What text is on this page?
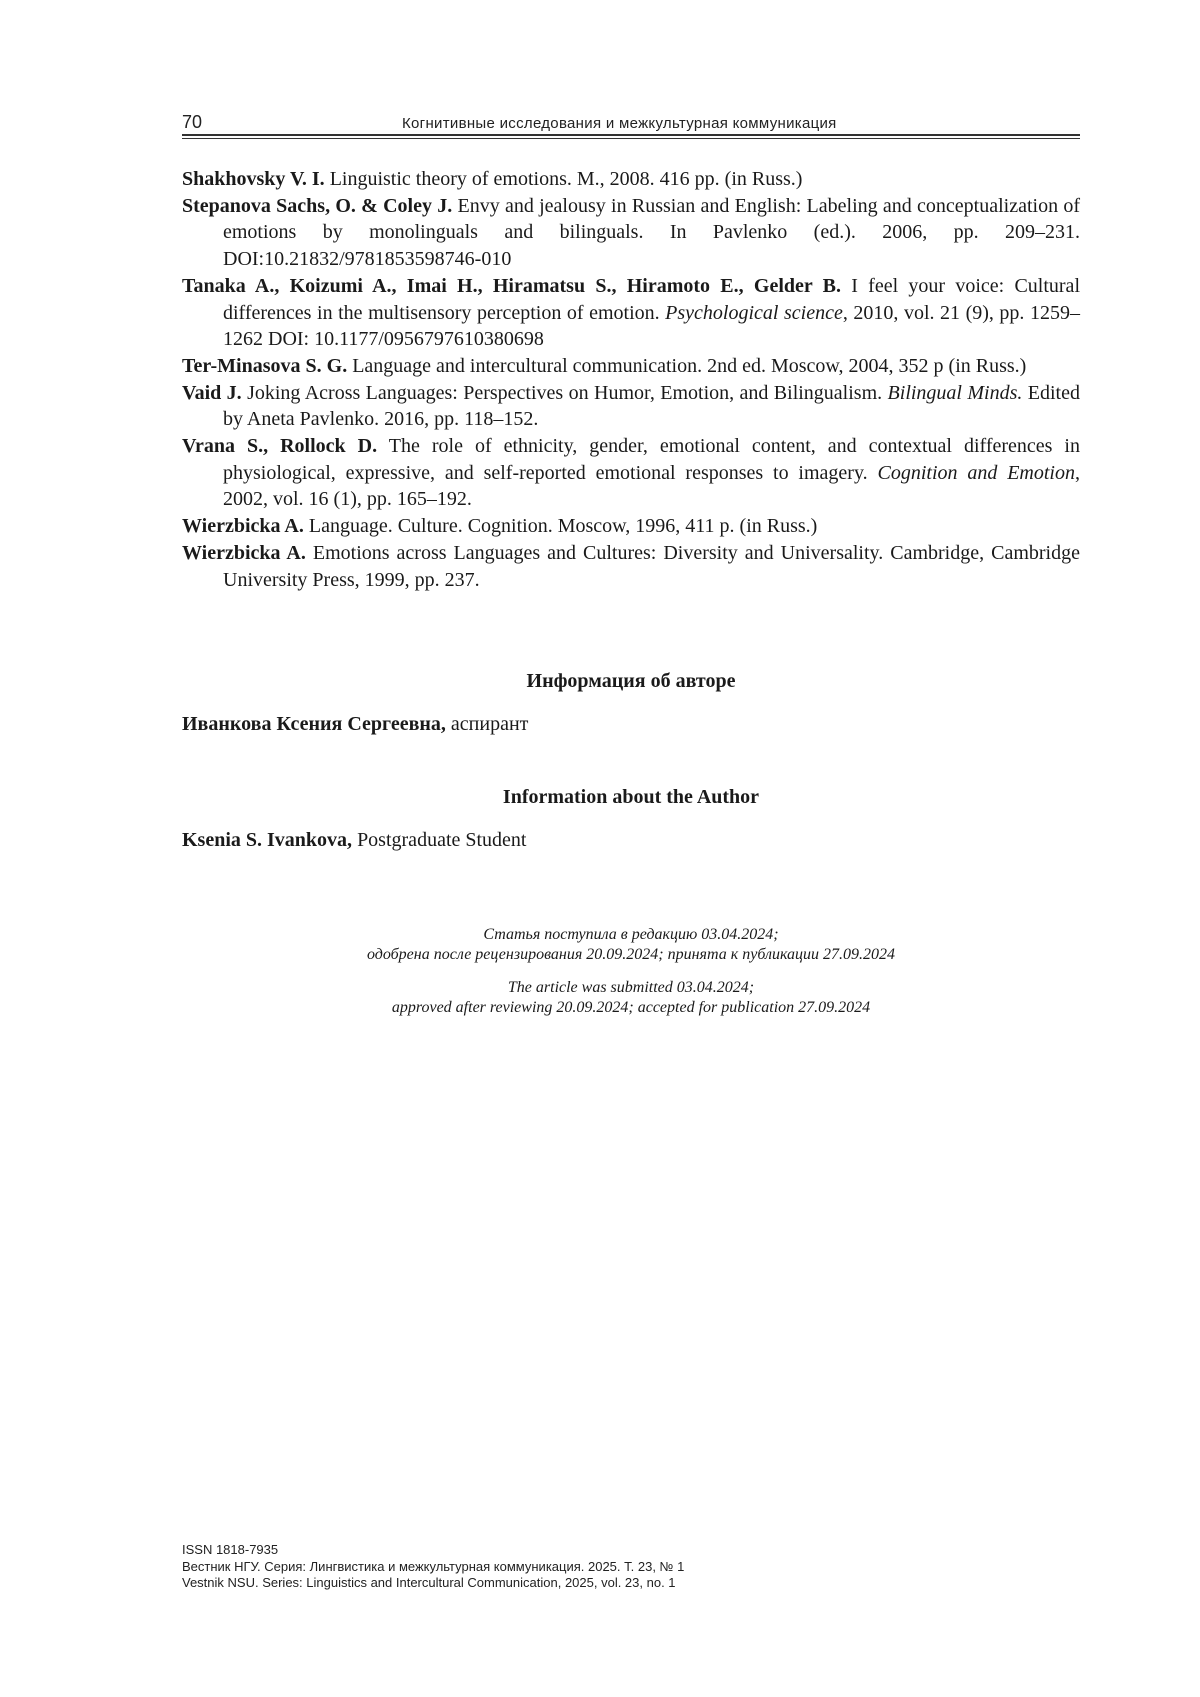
70	Когнитивные исследования и межкультурная коммуникация

Shakhovsky V. I. Linguistic theory of emotions. M., 2008. 416 pp. (in Russ.)

Stepanova Sachs, O. & Coley J. Envy and jealousy in Russian and English: Labeling and conceptualization of emotions by monolinguals and bilinguals. In Pavlenko (ed.). 2006, pp. 209–231. DOI:10.21832/9781853598746-010

Tanaka A., Koizumi A., Imai H., Hiramatsu S., Hiramoto E., Gelder B. I feel your voice: Cultural differences in the multisensory perception of emotion. Psychological science, 2010, vol. 21 (9), pp. 1259–1262 DOI: 10.1177/0956797610380698

Ter-Minasova S. G. Language and intercultural communication. 2nd ed. Moscow, 2004, 352 p (in Russ.)

Vaid J. Joking Across Languages: Perspectives on Humor, Emotion, and Bilingualism. Bilingual Minds. Edited by Aneta Pavlenko. 2016, pp. 118–152.

Vrana S., Rollock D. The role of ethnicity, gender, emotional content, and contextual differences in physiological, expressive, and self-reported emotional responses to imagery. Cognition and Emotion, 2002, vol. 16 (1), pp. 165–192.

Wierzbicka A. Language. Culture. Cognition. Moscow, 1996, 411 p. (in Russ.)

Wierzbicka A. Emotions across Languages and Cultures: Diversity and Universality. Cambridge, Cambridge University Press, 1999, pp. 237.

Информация об авторе
Иванкова Ксения Сергеевна, аспирант
Information about the Author
Ksenia S. Ivankova, Postgraduate Student
Статья поступила в редакцию 03.04.2024;
одобрена после рецензирования 20.09.2024; принята к публикации 27.09.2024
The article was submitted 03.04.2024;
approved after reviewing 20.09.2024; accepted for publication 27.09.2024
ISSN 1818-7935
Вестник НГУ. Серия: Лингвистика и межкультурная коммуникация. 2025. Т. 23, № 1
Vestnik NSU. Series: Linguistics and Intercultural Communication, 2025, vol. 23, no. 1
